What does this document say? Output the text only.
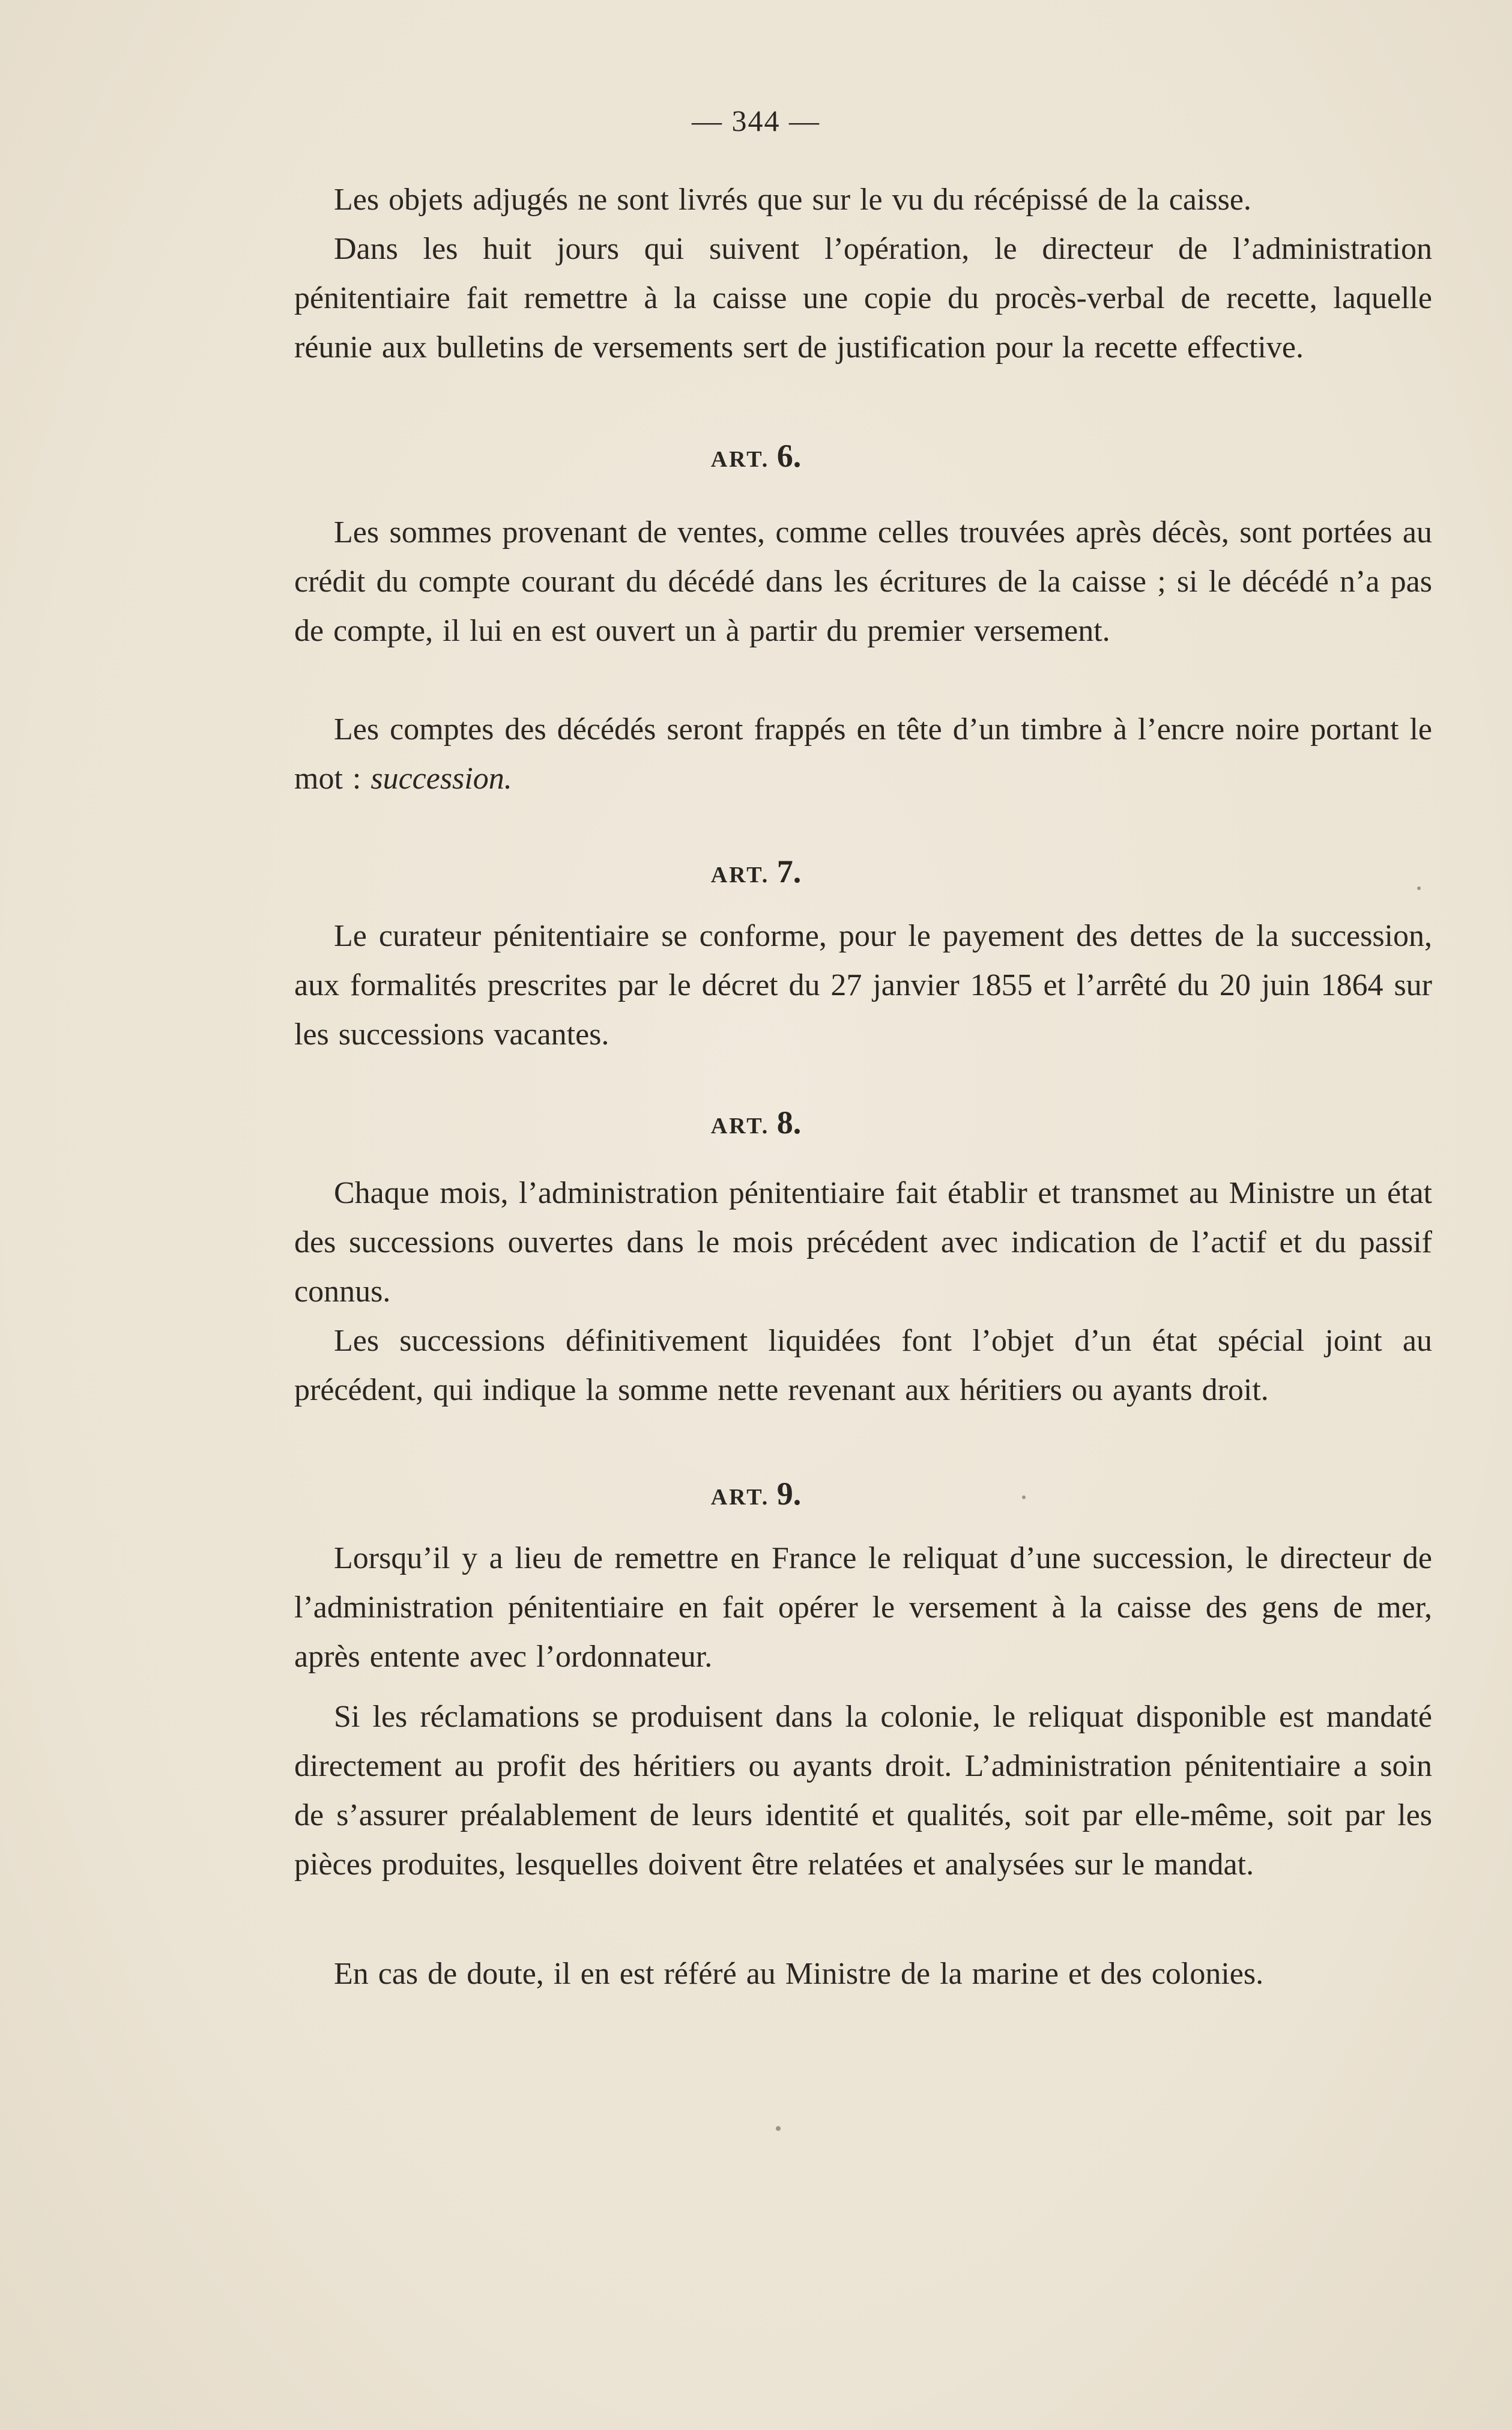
— 344 —

Les objets adjugés ne sont livrés que sur le vu du récépissé de la caisse.

Dans les huit jours qui suivent l’opération, le directeur de l’administration pénitentiaire fait remettre à la caisse une copie du procès-verbal de recette, laquelle réunie aux bulletins de versements sert de justification pour la recette effective.

ART. 6.

Les sommes provenant de ventes, comme celles trouvées après décès, sont portées au crédit du compte courant du décédé dans les écritures de la caisse ; si le décédé n’a pas de compte, il lui en est ouvert un à partir du premier versement.

Les comptes des décédés seront frappés en tête d’un timbre à l’encre noire portant le mot : succession.

ART. 7.

Le curateur pénitentiaire se conforme, pour le payement des dettes de la succession, aux formalités prescrites par le décret du 27 janvier 1855 et l’arrêté du 20 juin 1864 sur les successions vacantes.

ART. 8.

Chaque mois, l’administration pénitentiaire fait établir et transmet au Ministre un état des successions ouvertes dans le mois précédent avec indication de l’actif et du passif connus.

Les successions définitivement liquidées font l’objet d’un état spécial joint au précédent, qui indique la somme nette revenant aux héritiers ou ayants droit.

ART. 9.

Lorsqu’il y a lieu de remettre en France le reliquat d’une succession, le directeur de l’administration pénitentiaire en fait opérer le versement à la caisse des gens de mer, après entente avec l’ordonnateur.

Si les réclamations se produisent dans la colonie, le reliquat disponible est mandaté directement au profit des héritiers ou ayants droit. L’administration pénitentiaire a soin de s’assurer préalablement de leurs identité et qualités, soit par elle-même, soit par les pièces produites, lesquelles doivent être relatées et analysées sur le mandat.

En cas de doute, il en est référé au Ministre de la marine et des colonies.
